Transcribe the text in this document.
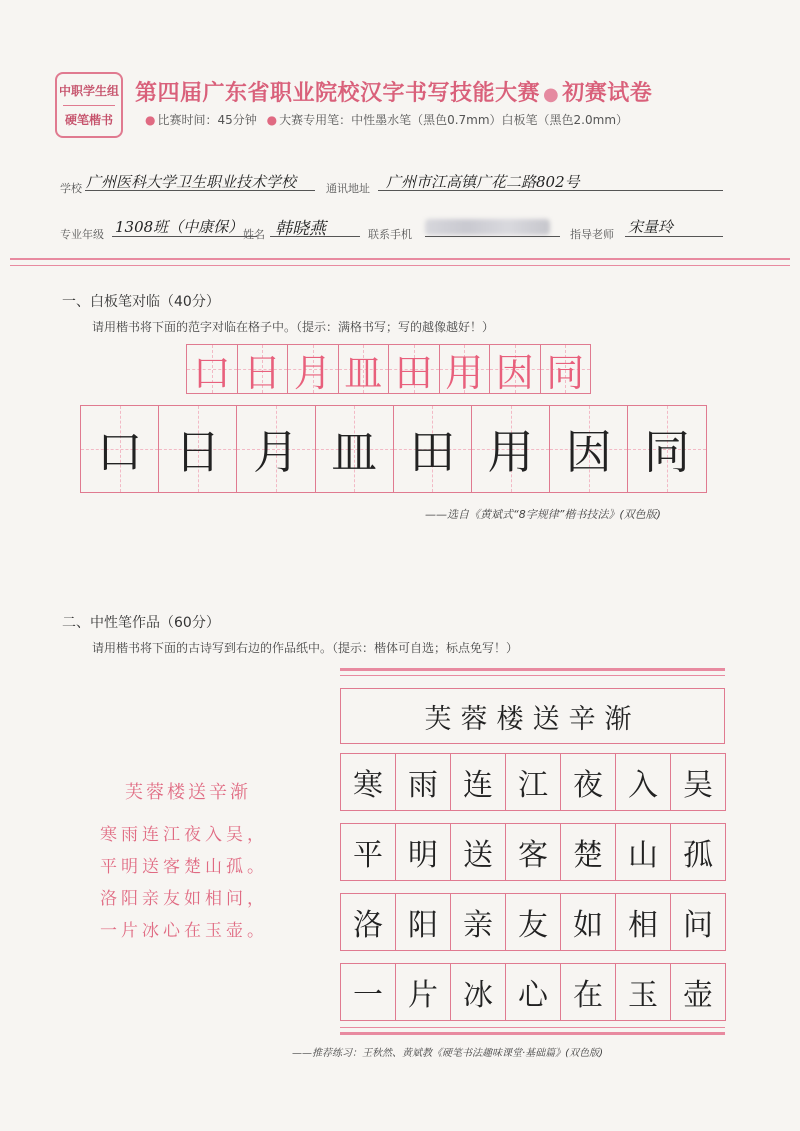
中职学生组
硬笔楷书
第四届广东省职业院校汉字书写技能大赛 ● 初赛试卷
● 比赛时间：45分钟 ● 大赛专用笔：中性墨水笔（黑色0.7mm）白板笔（黑色2.0mm）
学校 广州医科大学卫生职业技术学校	通讯地址 广州市江高镇广花二路802号
专业年级 1308班（中康保） 姓名 韩晓燕	联系手机	指导老师 宋量玲
一、白板笔对临（40分）
请用楷书将下面的范字对临在格子中。（提示：满格书写；写的越像越好！）
口 日 月 皿 田 用 因 同
口 日 月 皿 田 用 因 同
——选自《黄斌式“8字规律”楷书技法》(双色版)
二、中性笔作品（60分）
请用楷书将下面的古诗写到右边的作品纸中。（提示：楷体可自选；标点免写！）
芙蓉楼送辛渐
寒雨连江夜入吴，
平明送客楚山孤。
洛阳亲友如相问，
一片冰心在玉壶。
芙蓉楼送辛渐
寒 雨 连 江 夜 入 吴
平 明 送 客 楚 山 孤
洛 阳 亲 友 如 相 问
一 片 冰 心 在 玉 壶
——推荐练习：王秋然、黄斌教《硬笔书法趣味课堂·基础篇》(双色版)
